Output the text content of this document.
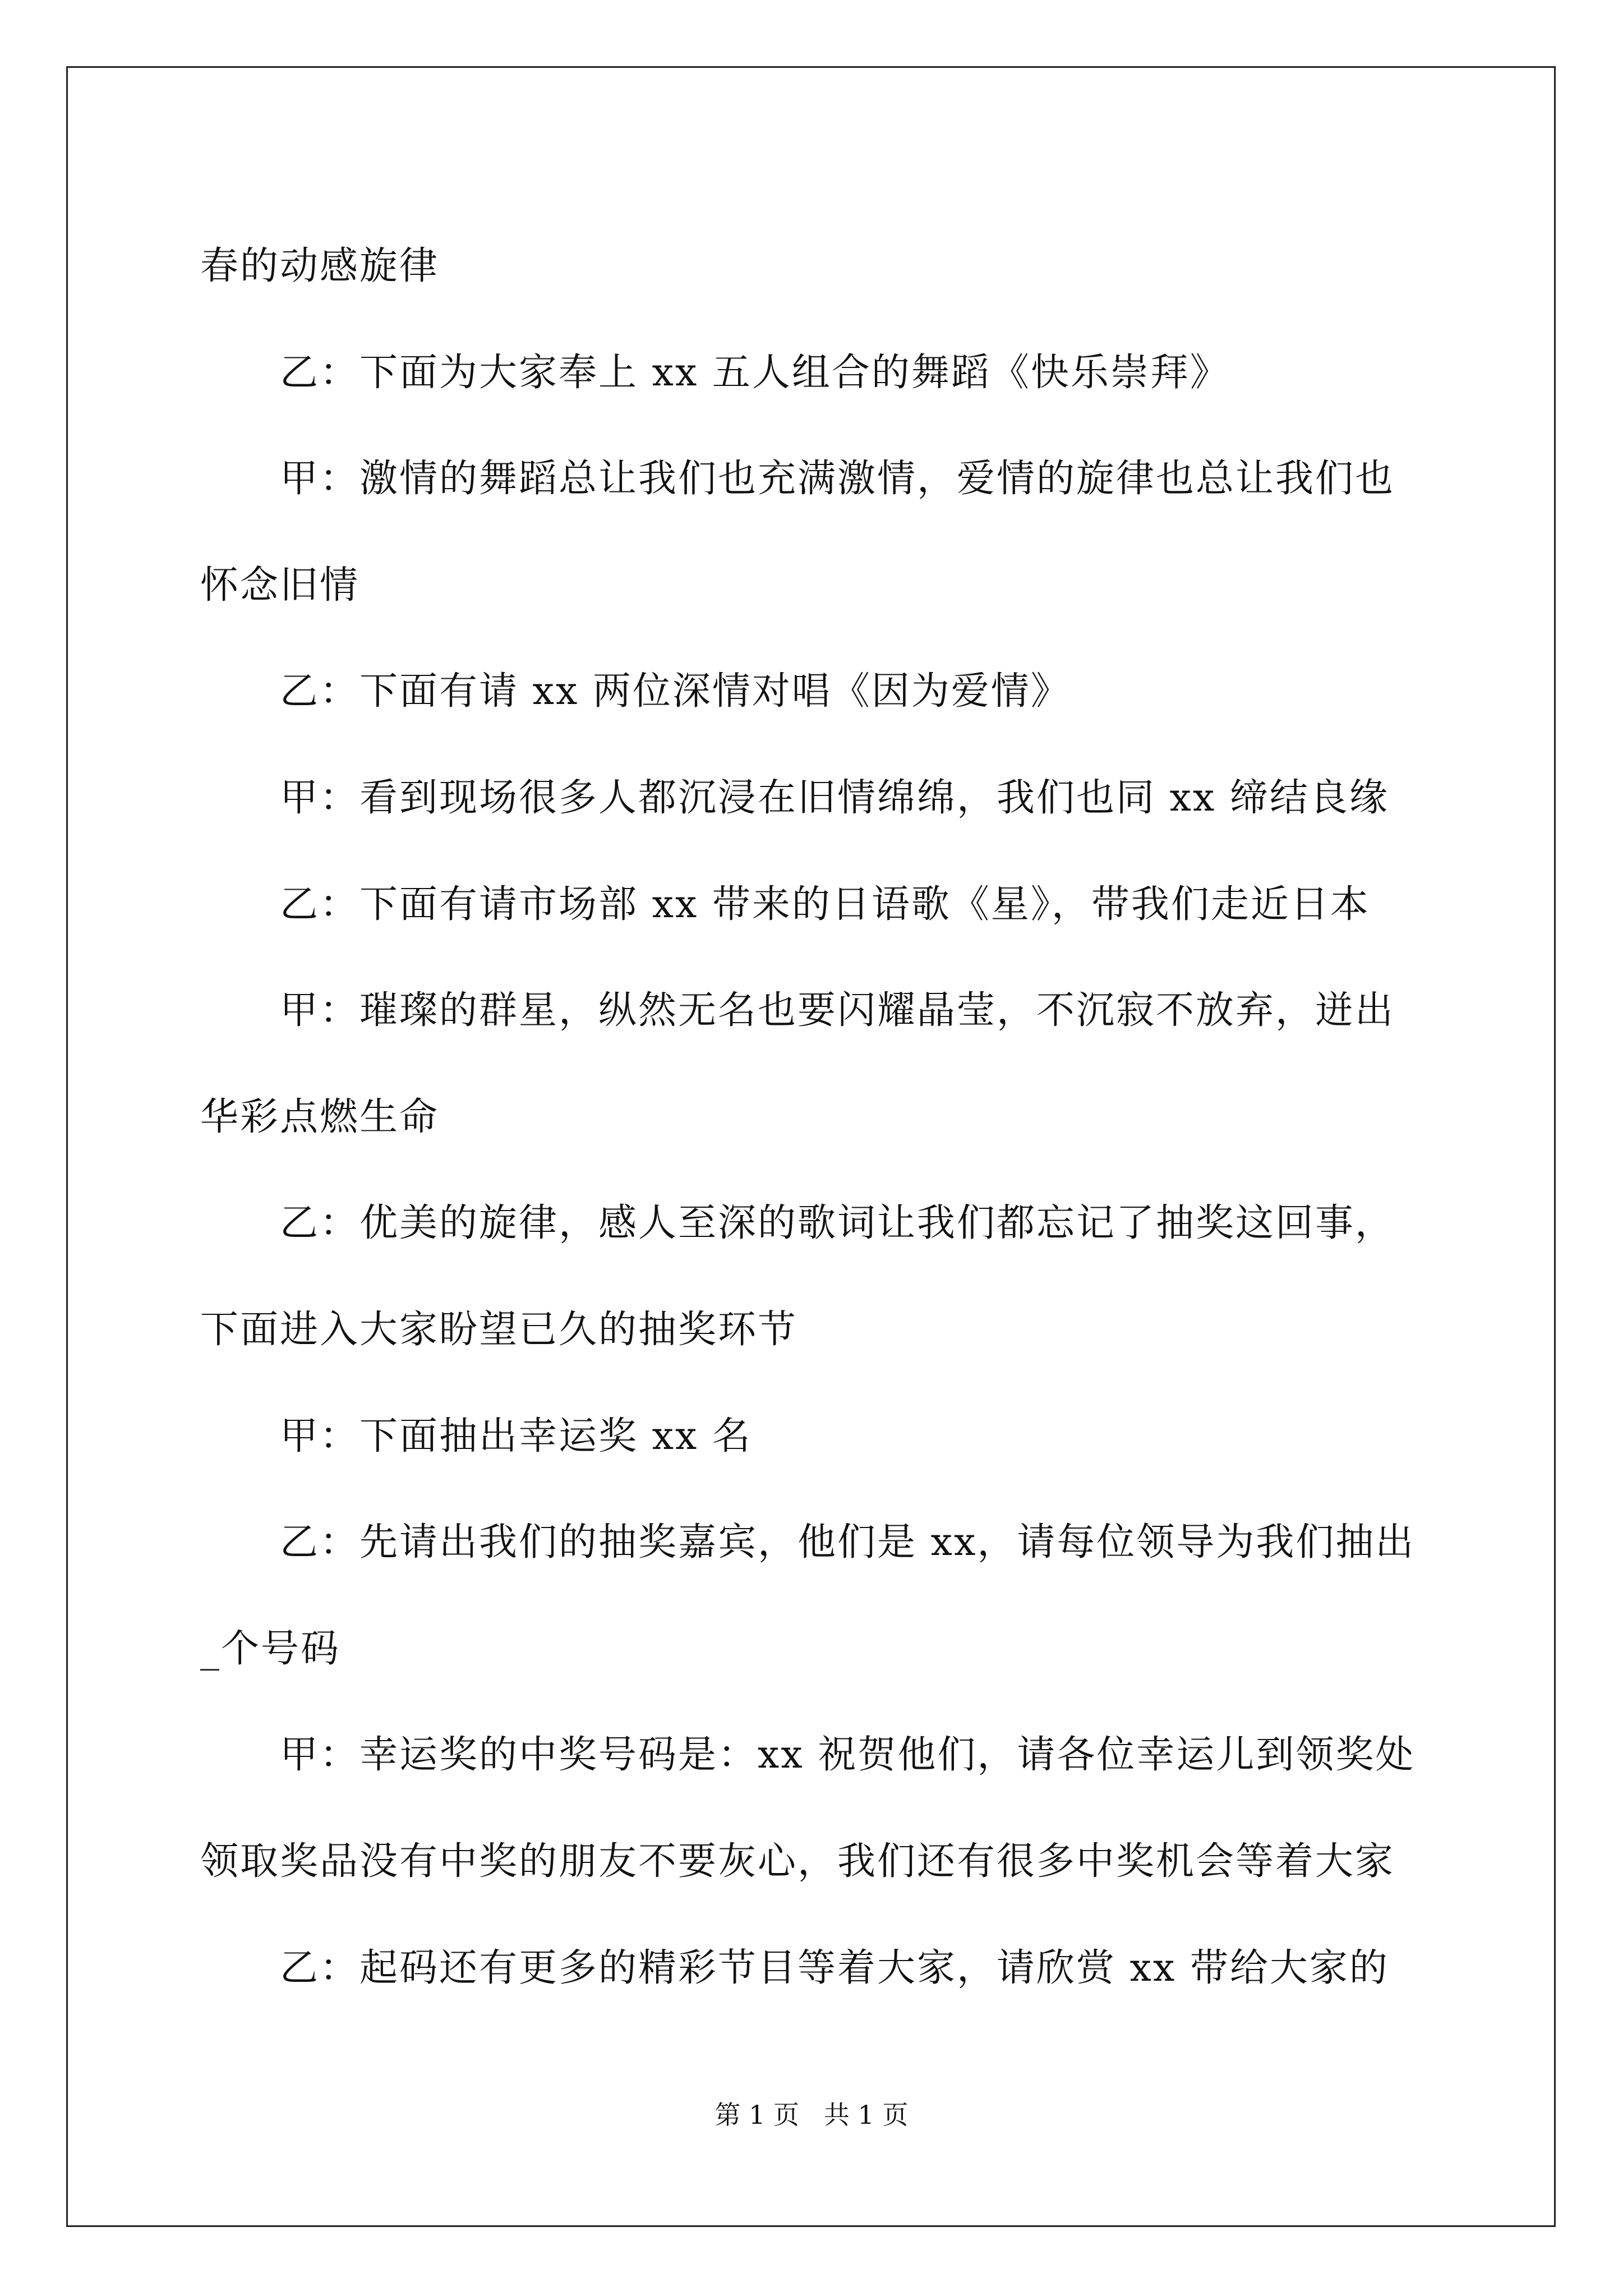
春的动感旋律
乙：下面为大家奉上 xx 五人组合的舞蹈《快乐崇拜》
甲：激情的舞蹈总让我们也充满激情，爱情的旋律也总让我们也
怀念旧情
乙：下面有请 xx 两位深情对唱《因为爱情》
甲：看到现场很多人都沉浸在旧情绵绵，我们也同 xx 缔结良缘
乙：下面有请市场部 xx 带来的日语歌《星》，带我们走近日本
甲：璀璨的群星，纵然无名也要闪耀晶莹，不沉寂不放弃，迸出
华彩点燃生命
乙：优美的旋律，感人至深的歌词让我们都忘记了抽奖这回事，
下面进入大家盼望已久的抽奖环节
甲：下面抽出幸运奖 xx 名
乙：先请出我们的抽奖嘉宾，他们是 xx，请每位领导为我们抽出
_个号码
甲：幸运奖的中奖号码是：xx 祝贺他们，请各位幸运儿到领奖处
领取奖品没有中奖的朋友不要灰心，我们还有很多中奖机会等着大家
乙：起码还有更多的精彩节目等着大家，请欣赏 xx 带给大家的
第 1 页   共 1 页
